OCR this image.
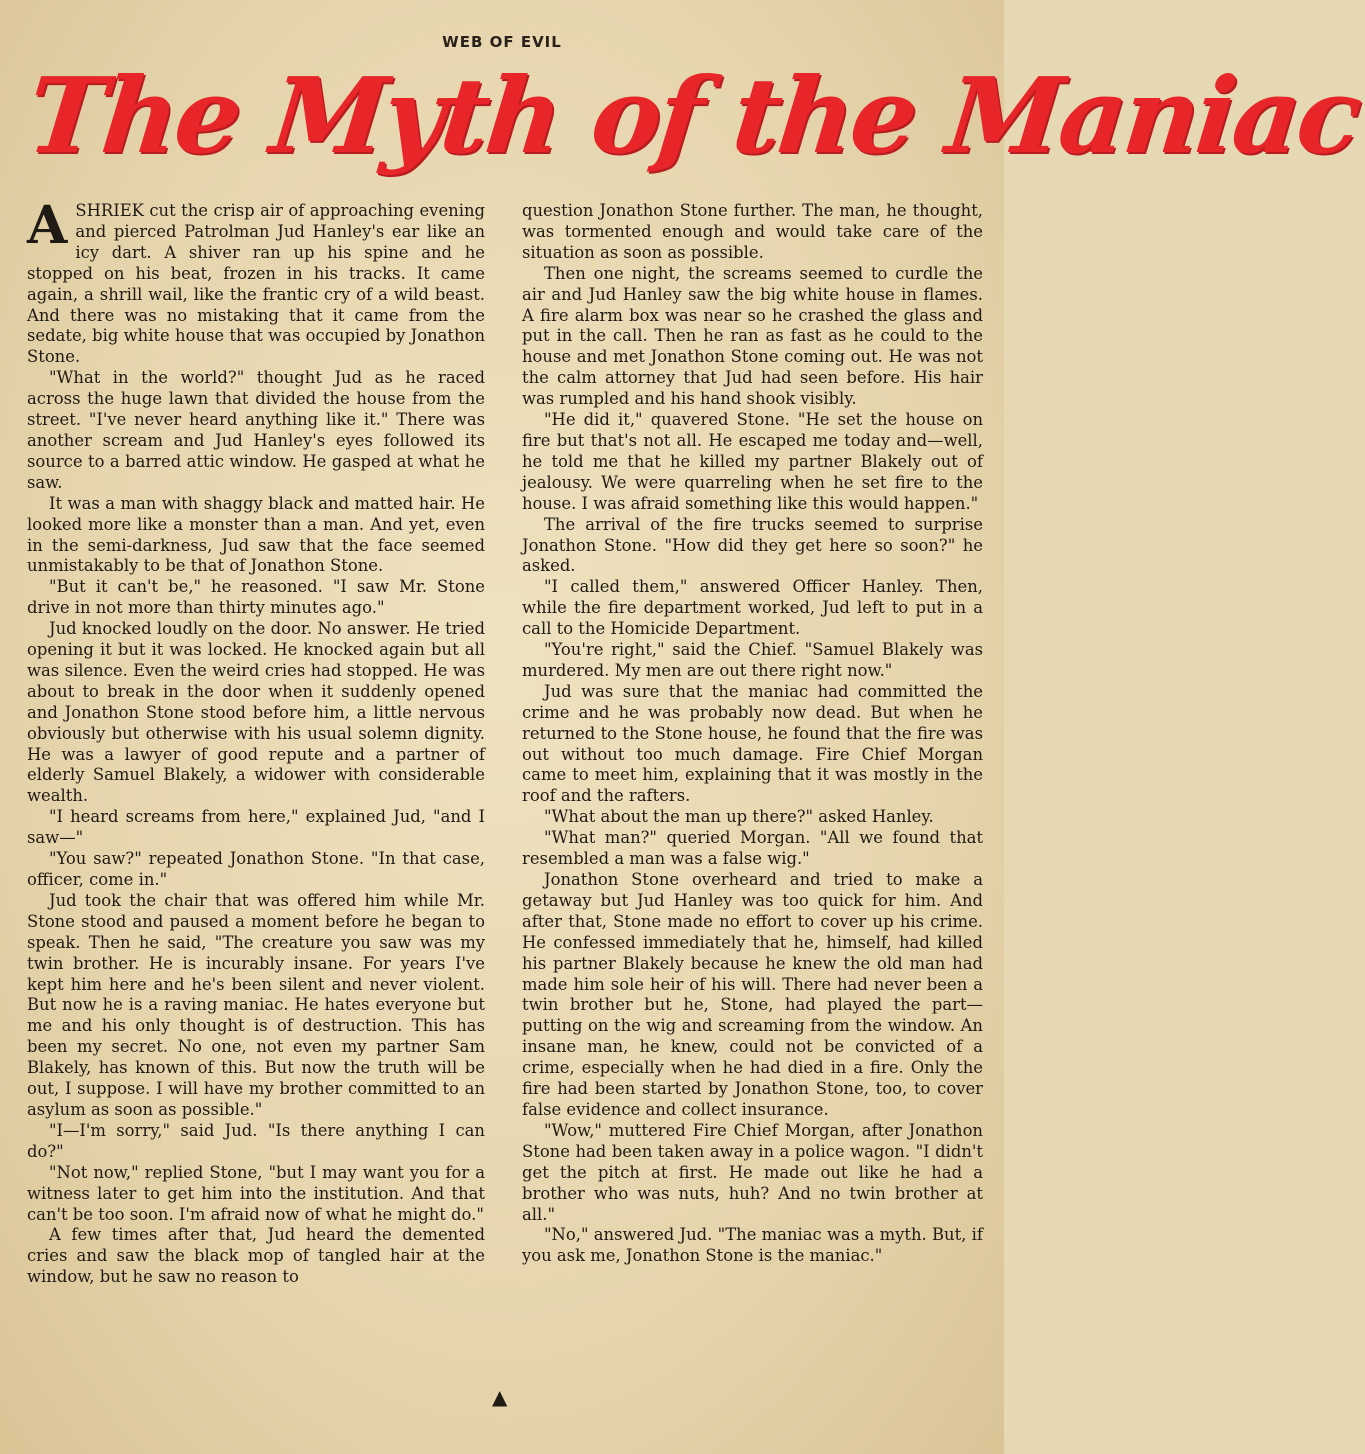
WEB OF EVIL
The Myth of the Maniac

ASHRIEK cut the crisp air of approaching evening and pierced Patrolman Jud Hanley's ear like an icy dart. A shiver ran up his spine and he stopped on his beat, frozen in his tracks. It came again, a shrill wail, like the frantic cry of a wild beast. And there was no mistaking that it came from the sedate, big white house that was occupied by Jonathon Stone.

"What in the world?" thought Jud as he raced across the huge lawn that divided the house from the street. "I've never heard anything like it." There was another scream and Jud Hanley's eyes followed its source to a barred attic window. He gasped at what he saw.

It was a man with shaggy black and matted hair. He looked more like a monster than a man. And yet, even in the semi-darkness, Jud saw that the face seemed unmistakably to be that of Jonathon Stone.

"But it can't be," he reasoned. "I saw Mr. Stone drive in not more than thirty minutes ago."

Jud knocked loudly on the door. No answer. He tried opening it but it was locked. He knocked again but all was silence. Even the weird cries had stopped. He was about to break in the door when it suddenly opened and Jonathon Stone stood before him, a little nervous obviously but otherwise with his usual solemn dignity. He was a lawyer of good repute and a partner of elderly Samuel Blakely, a widower with considerable wealth.

"I heard screams from here," explained Jud, "and I saw—"

"You saw?" repeated Jonathon Stone. "In that case, officer, come in."

Jud took the chair that was offered him while Mr. Stone stood and paused a moment before he began to speak. Then he said, "The creature you saw was my twin brother. He is incurably insane. For years I've kept him here and he's been silent and never violent. But now he is a raving maniac. He hates everyone but me and his only thought is of destruction. This has been my secret. No one, not even my partner Sam Blakely, has known of this. But now the truth will be out, I suppose. I will have my brother committed to an asylum as soon as possible."

"I—I'm sorry," said Jud. "Is there anything I can do?"

"Not now," replied Stone, "but I may want you for a witness later to get him into the institution. And that can't be too soon. I'm afraid now of what he might do."

A few times after that, Jud heard the demented cries and saw the black mop of tangled hair at the window, but he saw no reason to

question Jonathon Stone further. The man, he thought, was tormented enough and would take care of the situation as soon as possible.

Then one night, the screams seemed to curdle the air and Jud Hanley saw the big white house in flames. A fire alarm box was near so he crashed the glass and put in the call. Then he ran as fast as he could to the house and met Jonathon Stone coming out. He was not the calm attorney that Jud had seen before. His hair was rumpled and his hand shook visibly.

"He did it," quavered Stone. "He set the house on fire but that's not all. He escaped me today and—well, he told me that he killed my partner Blakely out of jealousy. We were quarreling when he set fire to the house. I was afraid something like this would happen."

The arrival of the fire trucks seemed to surprise Jonathon Stone. "How did they get here so soon?" he asked.

"I called them," answered Officer Hanley. Then, while the fire department worked, Jud left to put in a call to the Homicide Department.

"You're right," said the Chief. "Samuel Blakely was murdered. My men are out there right now."

Jud was sure that the maniac had committed the crime and he was probably now dead. But when he returned to the Stone house, he found that the fire was out without too much damage. Fire Chief Morgan came to meet him, explaining that it was mostly in the roof and the rafters.

"What about the man up there?" asked Hanley.

"What man?" queried Morgan. "All we found that resembled a man was a false wig."

Jonathon Stone overheard and tried to make a getaway but Jud Hanley was too quick for him. And after that, Stone made no effort to cover up his crime. He confessed immediately that he, himself, had killed his partner Blakely because he knew the old man had made him sole heir of his will. There had never been a twin brother but he, Stone, had played the part—putting on the wig and screaming from the window. An insane man, he knew, could not be convicted of a crime, especially when he had died in a fire. Only the fire had been started by Jonathon Stone, too, to cover false evidence and collect insurance.

"Wow," muttered Fire Chief Morgan, after Jonathon Stone had been taken away in a police wagon. "I didn't get the pitch at first. He made out like he had a brother who was nuts, huh? And no twin brother at all."

"No," answered Jud. "The maniac was a myth. But, if you ask me, Jonathon Stone is the maniac."

▲
